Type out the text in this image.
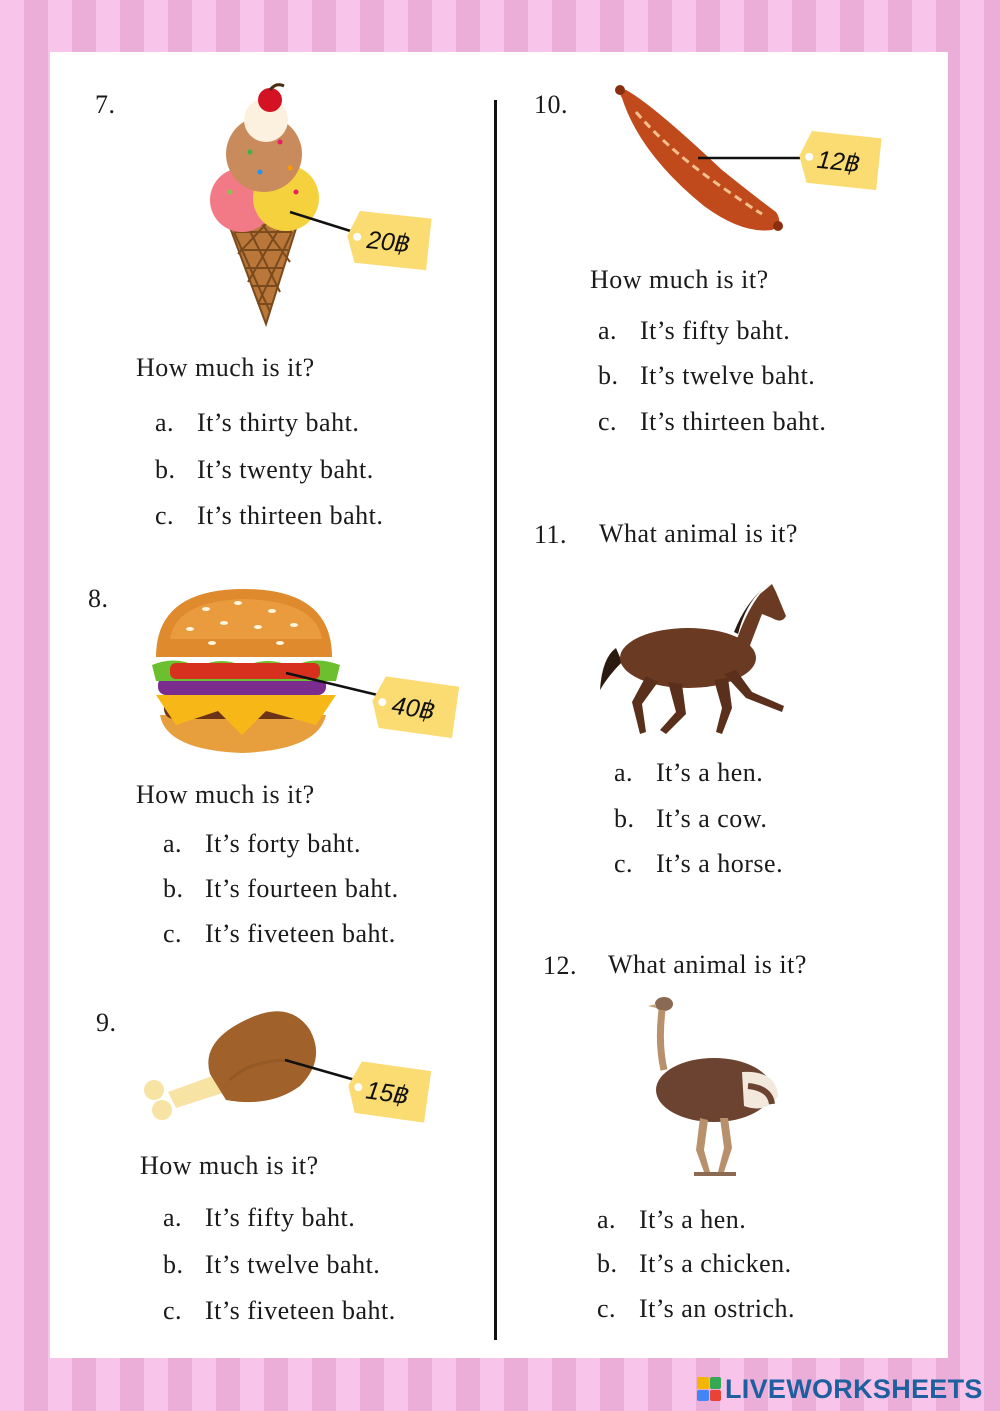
7.
20฿
How much is it?
a. It’s thirty baht.
b. It’s twenty baht.
c. It’s thirteen baht.
8.
40฿
How much is it?
a. It’s forty baht.
b. It’s fourteen baht.
c. It’s fiveteen baht.
9.
15฿
How much is it?
a. It’s fifty baht.
b. It’s twelve baht.
c. It’s fiveteen baht.
10.
12฿
How much is it?
a. It’s fifty baht.
b. It’s twelve baht.
c. It’s thirteen baht.
11. What animal is it?
a. It’s a hen.
b. It’s a cow.
c. It’s a horse.
12. What animal is it?
a. It’s a hen.
b. It’s a chicken.
c. It’s an ostrich.
LIVEWORKSHEETS
